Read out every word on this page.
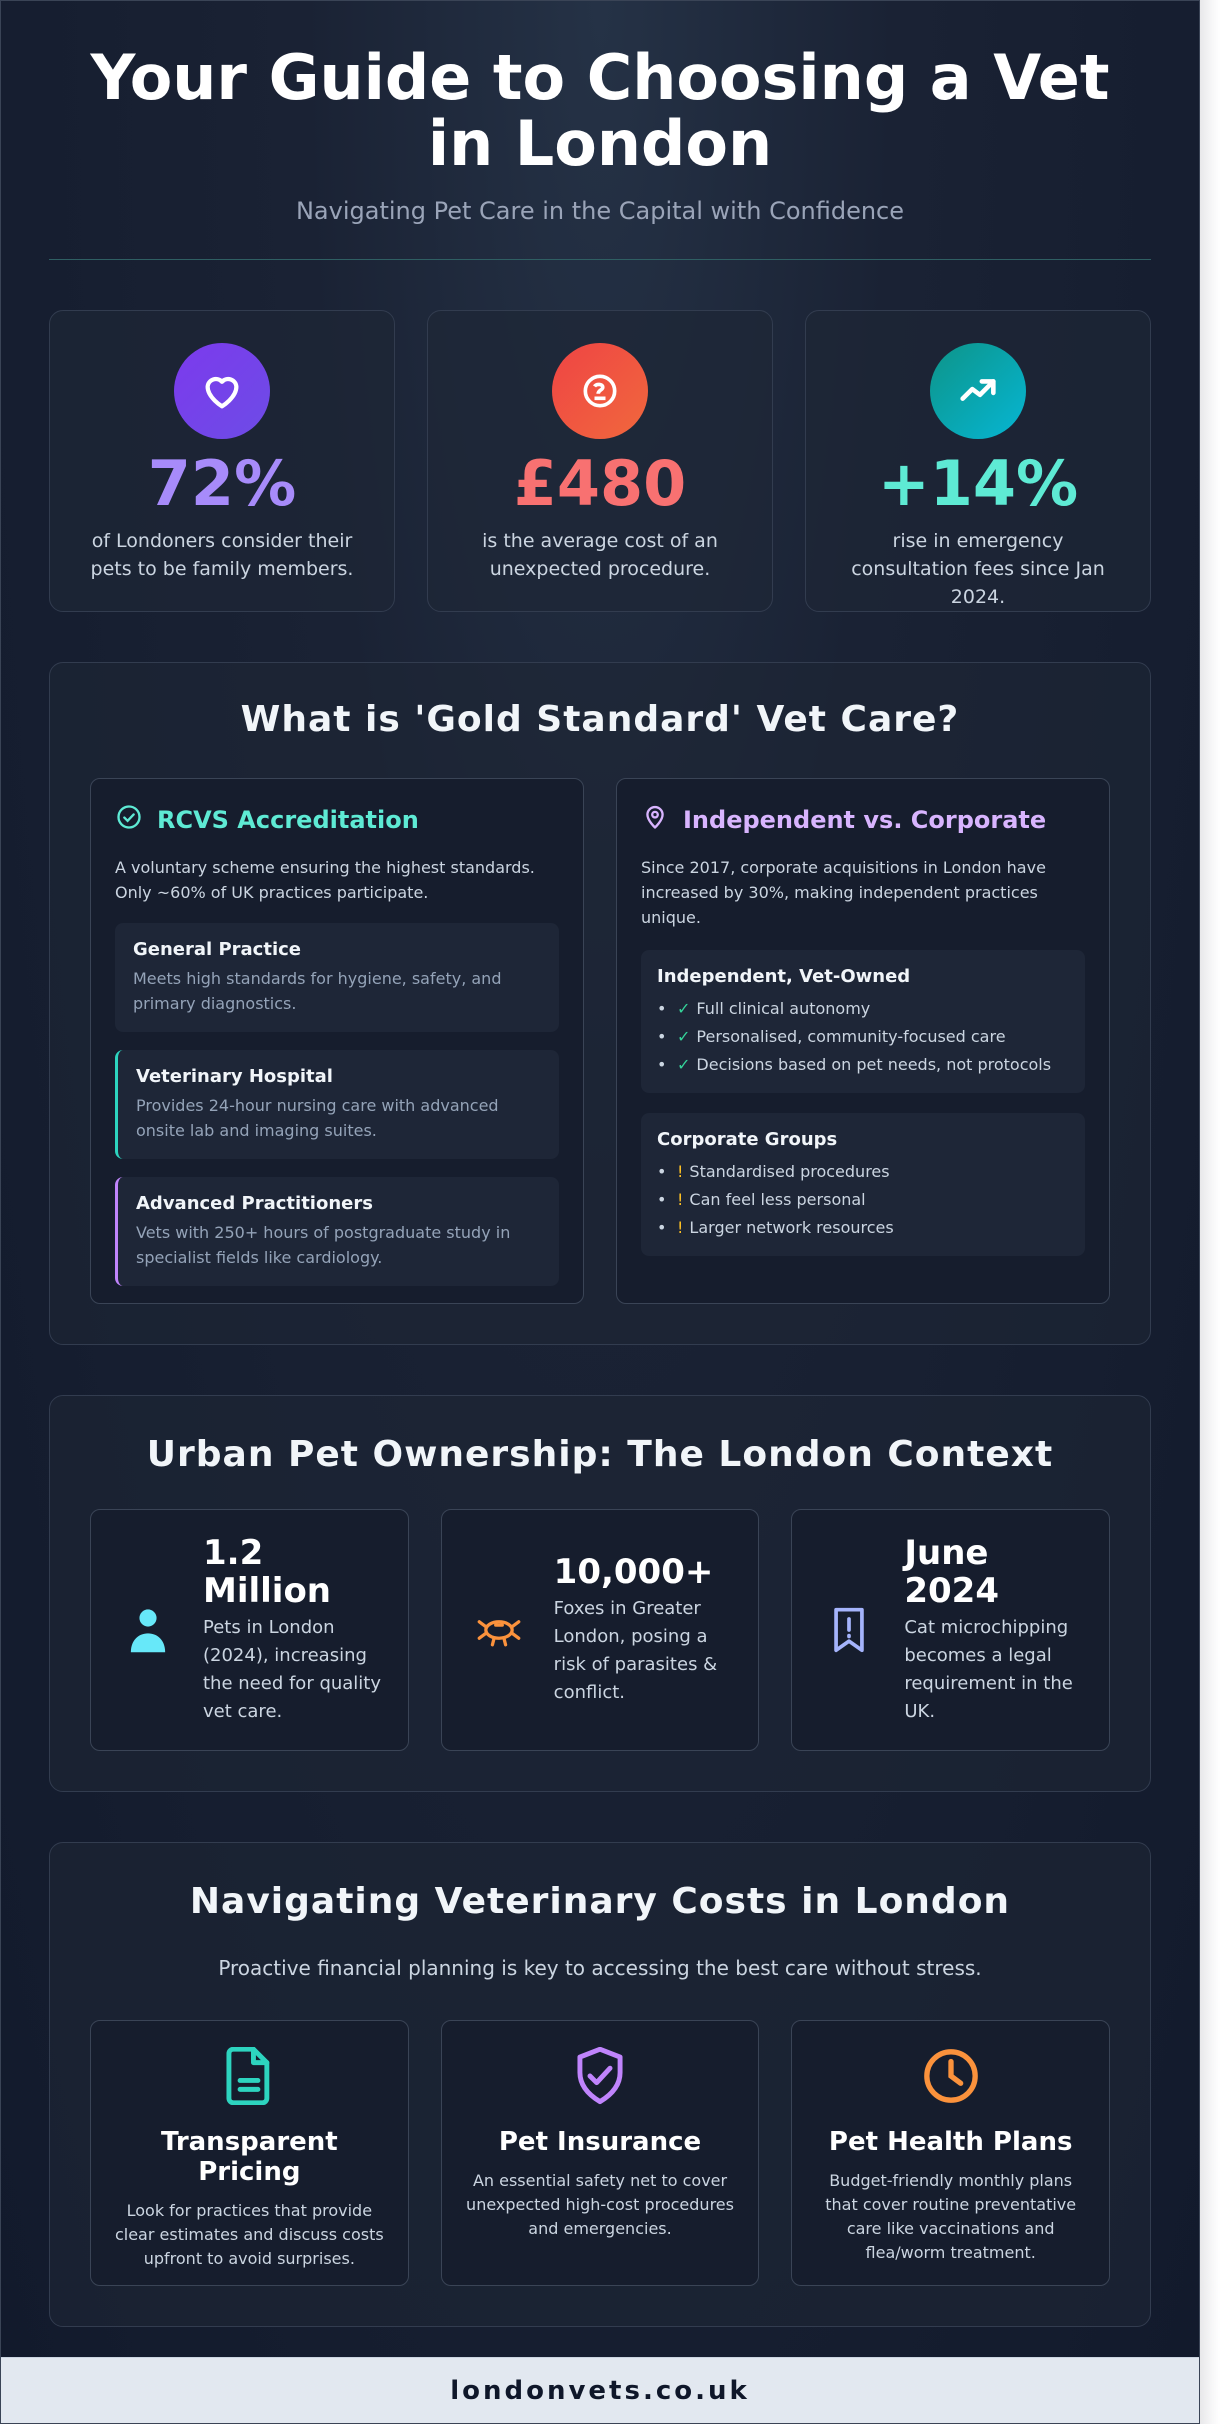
Your Guide to Choosing a Vet in London
Navigating Pet Care in the Capital with Confidence
72%
of Londoners consider their pets to be family members.
£480
is the average cost of an unexpected procedure.
+14%
rise in emergency consultation fees since Jan 2024.
What is 'Gold Standard' Vet Care?
RCVS Accreditation
A voluntary scheme ensuring the highest standards. Only ~60% of UK practices participate.
General Practice
Meets high standards for hygiene, safety, and primary diagnostics.
Veterinary Hospital
Provides 24-hour nursing care with advanced onsite lab and imaging suites.
Advanced Practitioners
Vets with 250+ hours of postgraduate study in specialist fields like cardiology.
Independent vs. Corporate
Since 2017, corporate acquisitions in London have increased by 30%, making independent practices unique.
Independent, Vet-Owned
• ✓ Full clinical autonomy
• ✓ Personalised, community-focused care
• ✓ Decisions based on pet needs, not protocols
Corporate Groups
• ! Standardised procedures
• ! Can feel less personal
• ! Larger network resources
Urban Pet Ownership: The London Context
1.2 Million
Pets in London (2024), increasing the need for quality vet care.
10,000+
Foxes in Greater London, posing a risk of parasites & conflict.
June 2024
Cat microchipping becomes a legal requirement in the UK.
Navigating Veterinary Costs in London
Proactive financial planning is key to accessing the best care without stress.
Transparent Pricing
Look for practices that provide clear estimates and discuss costs upfront to avoid surprises.
Pet Insurance
An essential safety net to cover unexpected high-cost procedures and emergencies.
Pet Health Plans
Budget-friendly monthly plans that cover routine preventative care like vaccinations and flea/worm treatment.
londonvets.co.uk
